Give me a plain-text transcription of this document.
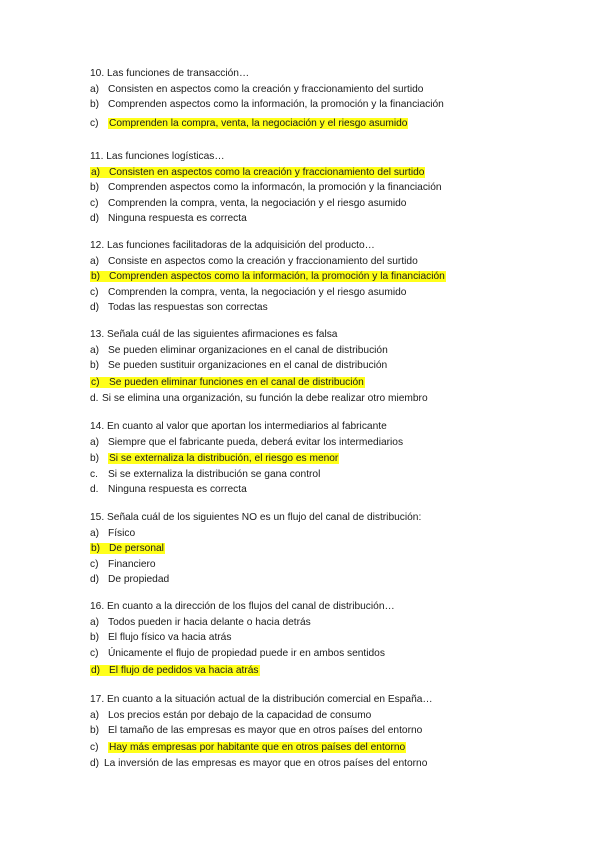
10. Las funciones de transacción…
a) Consisten en aspectos como la creación y fraccionamiento del surtido
b) Comprenden aspectos como la información, la promoción y la financiación
c) Comprenden la compra, venta, la negociación y el riesgo asumido
11. Las funciones logísticas…
a) Consisten en aspectos como la creación y fraccionamiento del surtido
b) Comprenden aspectos como la informacón, la promoción y la financiación
c) Comprenden la compra, venta, la negociación y el riesgo asumido
d) Ninguna respuesta es correcta
12. Las funciones facilitadoras de la adquisición del producto…
a) Consiste en aspectos como la creación y fraccionamiento del surtido
b) Comprenden aspectos como la información, la promoción y la financiación
c) Comprenden la compra, venta, la negociación y el riesgo asumido
d) Todas las respuestas son correctas
13. Señala cuál de las siguientes afirmaciones es falsa
a) Se pueden eliminar organizaciones en el canal de distribución
b) Se pueden sustituir organizaciones en el canal de distribución
c) Se pueden eliminar funciones en el canal de distribución
d. Si se elimina una organización, su función la debe realizar otro miembro
14. En cuanto al valor que aportan los intermediarios al fabricante
a) Siempre que el fabricante pueda, deberá evitar los intermediarios
b) Si se externaliza la distribución, el riesgo es menor
c. Si se externaliza la distribución se gana control
d. Ninguna respuesta es correcta
15. Señala cuál de los siguientes NO es un flujo del canal de distribución:
a) Físico
b) De personal
c) Financiero
d) De propiedad
16. En cuanto a la dirección de los flujos del canal de distribución…
a) Todos pueden ir hacia delante o hacia detrás
b) El flujo físico va hacia atrás
c) Únicamente el flujo de propiedad puede ir en ambos sentidos
d) El flujo de pedidos va hacia atrás
17. En cuanto a la situación actual de la distribución comercial en España…
a) Los precios están por debajo de la capacidad de consumo
b) El tamaño de las empresas es mayor que en otros países del entorno
c) Hay más empresas por habitante que en otros países del entorno
d) La inversión de las empresas es mayor que en otros países del entorno
